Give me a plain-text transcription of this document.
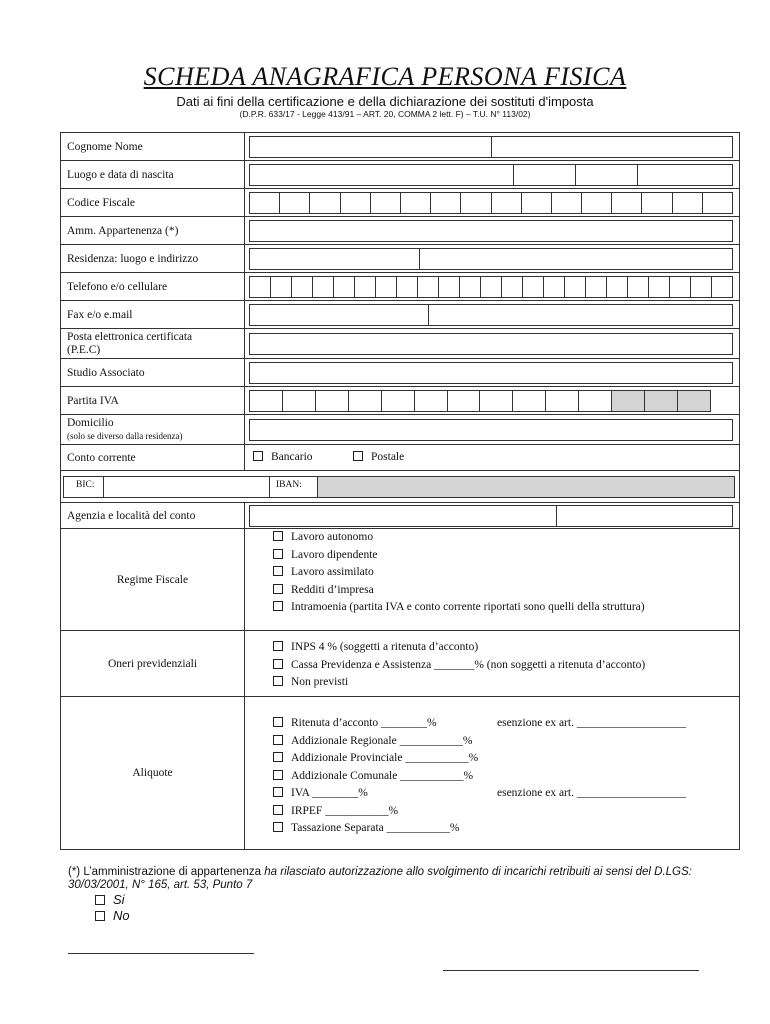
SCHEDA ANAGRAFICA PERSONA FISICA
Dati ai fini della certificazione e della dichiarazione dei sostituti d'imposta
(D.P.R. 633/17 - Legge 413/91 – ART. 20, COMMA 2 lett. F) – T.U. N° 113/02)
Cognome Nome
Luogo e data di nascita
Codice Fiscale
Amm. Appartenenza (*)
Residenza: luogo e indirizzo
Telefono e/o cellulare
Fax e/o e.mail
Posta elettronica certificata
(P.E.C)
Studio Associato
Partita IVA
Domicilio
(solo se diverso dalla residenza)
Conto corrente	Bancario	Postale
BIC:	IBAN:
Agenzia e località del conto
Regime Fiscale
Lavoro autonomo
Lavoro dipendente
Lavoro assimilato
Redditi d’impresa
Intramoenia (partita IVA e conto corrente riportati sono quelli della struttura)
Oneri previdenziali
INPS 4 % (soggetti a ritenuta d’acconto)
Cassa Previdenza e Assistenza _______% (non soggetti a ritenuta d’acconto)
Non previsti
Aliquote
Ritenuta d’acconto ________%	esenzione ex art. ___________________
Addizionale Regionale ___________%
Addizionale Provinciale ___________%
Addizionale Comunale ___________%
IVA ________%	esenzione ex art. ___________________
IRPEF ___________%
Tassazione Separata ___________%
(*) L’amministrazione di appartenenza ha rilasciato autorizzazione allo svolgimento di incarichi retribuiti ai sensi del D.LGS: 30/03/2001, N° 165, art. 53, Punto 7
Si
No
